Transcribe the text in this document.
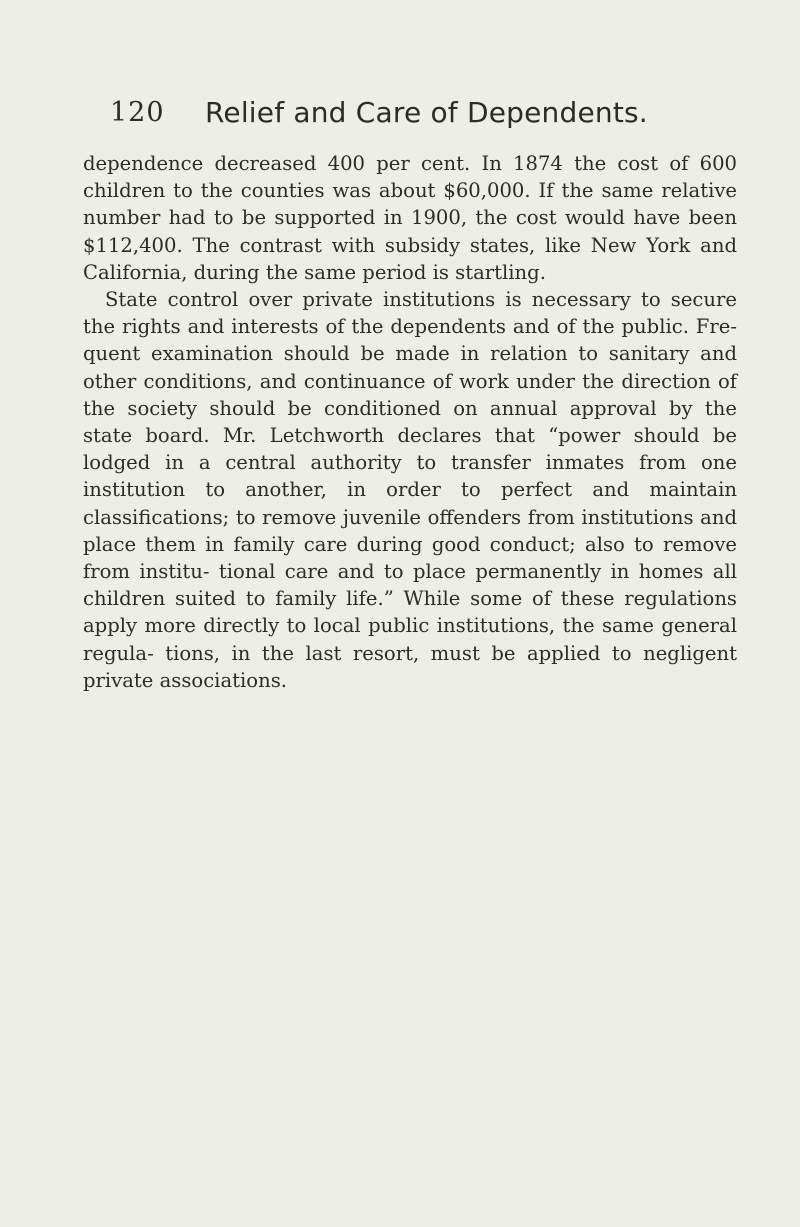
120 Relief and Care of Dependents.

dependence decreased 400 per cent. In 1874 the cost of 600 children to the counties was about $60,000. If the same relative number had to be supported in 1900, the cost would have been $112,400. The contrast with subsidy states, like New York and California, during the same period is startling.

State control over private institutions is necessary to secure the rights and interests of the dependents and of the public. Fre- quent examination should be made in relation to sanitary and other conditions, and continuance of work under the direction of the society should be conditioned on annual approval by the state board. Mr. Letchworth declares that “power should be lodged in a central authority to transfer inmates from one institution to another, in order to perfect and maintain classifications; to remove juvenile offenders from institutions and place them in family care during good conduct; also to remove from institu- tional care and to place permanently in homes all children suited to family life.” While some of these regulations apply more directly to local public institutions, the same general regula- tions, in the last resort, must be applied to negligent private associations.
